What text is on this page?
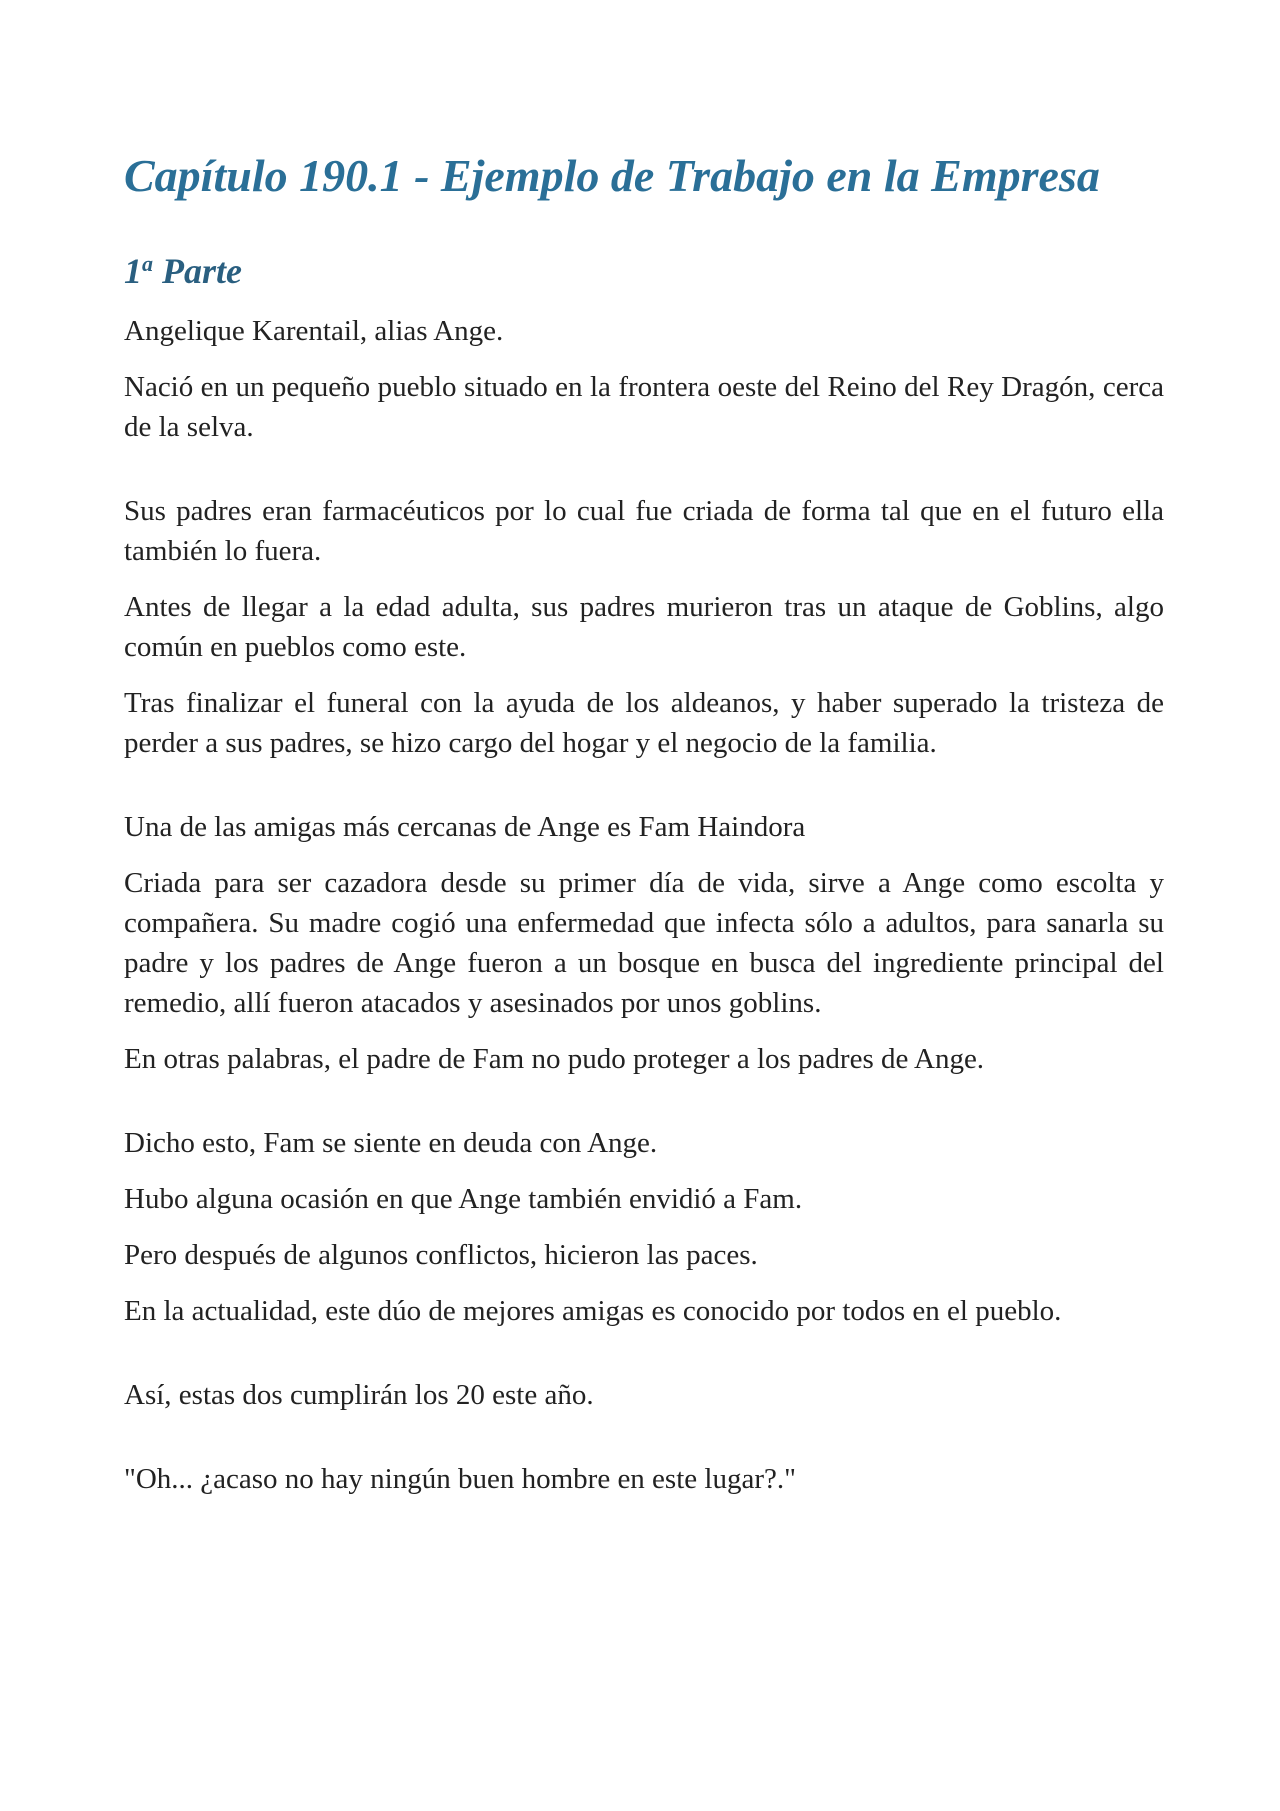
Capítulo 190.1 - Ejemplo de Trabajo en la Empresa
1$^a$ Parte

Angelique Karentail, alias Ange.

Nació en un pequeño pueblo situado en la frontera oeste del Reino del Rey Dragón, cerca de la selva.

Sus padres eran farmacéuticos por lo cual fue criada de forma tal que en el futuro ella también lo fuera.

Antes de llegar a la edad adulta, sus padres murieron tras un ataque de Goblins, algo común en pueblos como este.

Tras finalizar el funeral con la ayuda de los aldeanos, y haber superado la tristeza de perder a sus padres, se hizo cargo del hogar y el negocio de la familia.

Una de las amigas más cercanas de Ange es Fam Haindora

Criada para ser cazadora desde su primer día de vida, sirve a Ange como escolta y compañera. Su madre cogió una enfermedad que infecta sólo a adultos, para sanarla su padre y los padres de Ange fueron a un bosque en busca del ingrediente principal del remedio, allí fueron atacados y asesinados por unos goblins.

En otras palabras, el padre de Fam no pudo proteger a los padres de Ange.

Dicho esto, Fam se siente en deuda con Ange.

Hubo alguna ocasión en que Ange también envidió a Fam.

Pero después de algunos conflictos, hicieron las paces.

En la actualidad, este dúo de mejores amigas es conocido por todos en el pueblo.

Así, estas dos cumplirán los 20 este año.

"Oh... ¿acaso no hay ningún buen hombre en este lugar?."
